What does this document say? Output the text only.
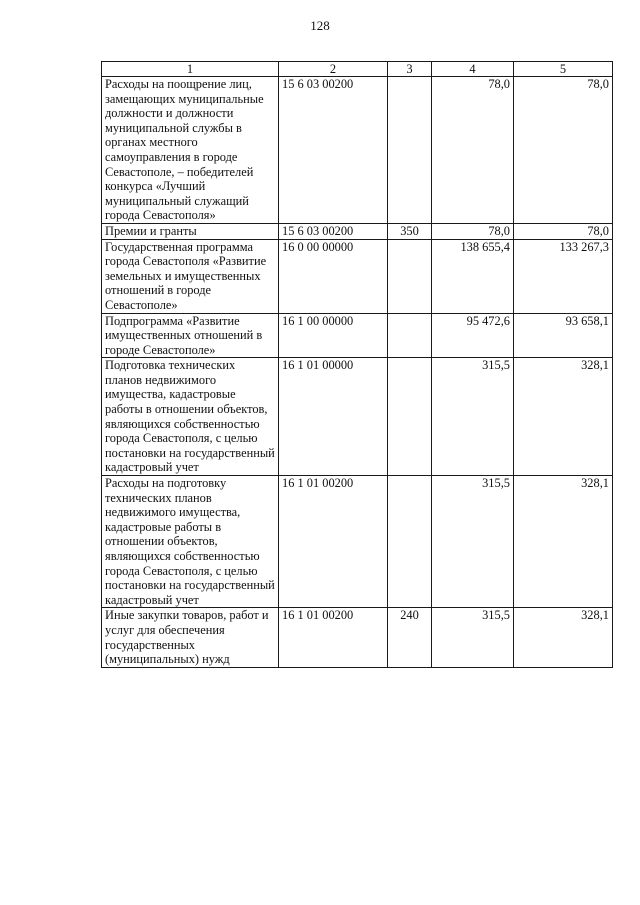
128
1	2	3	4	5
Расходы на поощрение лиц, замещающих муниципальные должности и должности муниципальной службы в органах местного самоуправления в городе Севастополе, – победителей конкурса «Лучший муниципальный служащий города Севастополя»	15 6 03 00200		78,0	78,0
Премии и гранты	15 6 03 00200	350	78,0	78,0
Государственная программа города Севастополя «Развитие земельных и имущественных отношений в городе Севастополе»	16 0 00 00000		138 655,4	133 267,3
Подпрограмма «Развитие имущественных отношений в городе Севастополе»	16 1 00 00000		95 472,6	93 658,1
Подготовка технических планов недвижимого имущества, кадастровые работы в отношении объектов, являющихся собственностью города Севастополя, с целью постановки на государственный кадастровый учет	16 1 01 00000		315,5	328,1
Расходы на подготовку технических планов недвижимого имущества, кадастровые работы в отношении объектов, являющихся собственностью города Севастополя, с целью постановки на государственный кадастровый учет	16 1 01 00200		315,5	328,1
Иные закупки товаров, работ и услуг для обеспечения государственных (муниципальных) нужд	16 1 01 00200	240	315,5	328,1
